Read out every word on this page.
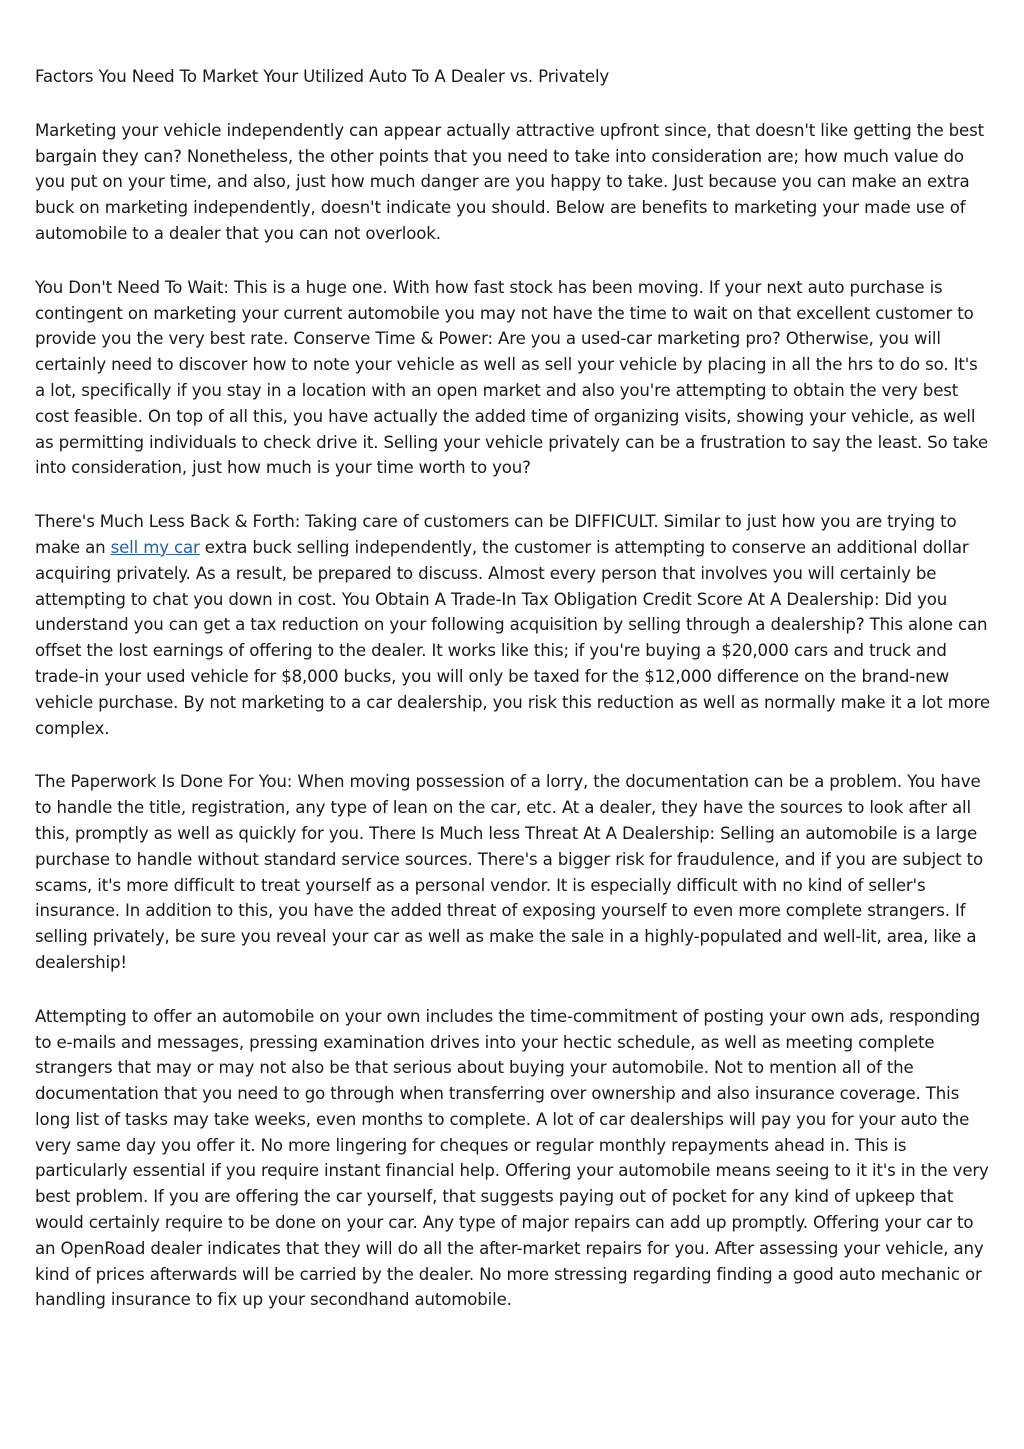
Factors You Need To Market Your Utilized Auto To A Dealer vs. Privately

Marketing your vehicle independently can appear actually attractive upfront since, that doesn't like getting the best bargain they can? Nonetheless, the other points that you need to take into consideration are; how much value do you put on your time, and also, just how much danger are you happy to take. Just because you can make an extra buck on marketing independently, doesn't indicate you should. Below are benefits to marketing your made use of automobile to a dealer that you can not overlook.

You Don't Need To Wait: This is a huge one. With how fast stock has been moving. If your next auto purchase is contingent on marketing your current automobile you may not have the time to wait on that excellent customer to provide you the very best rate. Conserve Time & Power: Are you a used-car marketing pro? Otherwise, you will certainly need to discover how to note your vehicle as well as sell your vehicle by placing in all the hrs to do so. It's a lot, specifically if you stay in a location with an open market and also you're attempting to obtain the very best cost feasible. On top of all this, you have actually the added time of organizing visits, showing your vehicle, as well as permitting individuals to check drive it. Selling your vehicle privately can be a frustration to say the least. So take into consideration, just how much is your time worth to you?

There's Much Less Back & Forth: Taking care of customers can be DIFFICULT. Similar to just how you are trying to make an sell my car extra buck selling independently, the customer is attempting to conserve an additional dollar acquiring privately. As a result, be prepared to discuss. Almost every person that involves you will certainly be attempting to chat you down in cost. You Obtain A Trade-In Tax Obligation Credit Score At A Dealership: Did you understand you can get a tax reduction on your following acquisition by selling through a dealership? This alone can offset the lost earnings of offering to the dealer. It works like this; if you're buying a $20,000 cars and truck and trade-in your used vehicle for $8,000 bucks, you will only be taxed for the $12,000 difference on the brand-new vehicle purchase. By not marketing to a car dealership, you risk this reduction as well as normally make it a lot more complex.

The Paperwork Is Done For You: When moving possession of a lorry, the documentation can be a problem. You have to handle the title, registration, any type of lean on the car, etc. At a dealer, they have the sources to look after all this, promptly as well as quickly for you. There Is Much less Threat At A Dealership: Selling an automobile is a large purchase to handle without standard service sources. There's a bigger risk for fraudulence, and if you are subject to scams, it's more difficult to treat yourself as a personal vendor. It is especially difficult with no kind of seller's insurance. In addition to this, you have the added threat of exposing yourself to even more complete strangers. If selling privately, be sure you reveal your car as well as make the sale in a highly-populated and well-lit, area, like a dealership!

Attempting to offer an automobile on your own includes the time-commitment of posting your own ads, responding to e-mails and messages, pressing examination drives into your hectic schedule, as well as meeting complete strangers that may or may not also be that serious about buying your automobile. Not to mention all of the documentation that you need to go through when transferring over ownership and also insurance coverage. This long list of tasks may take weeks, even months to complete. A lot of car dealerships will pay you for your auto the very same day you offer it. No more lingering for cheques or regular monthly repayments ahead in. This is particularly essential if you require instant financial help. Offering your automobile means seeing to it it's in the very best problem. If you are offering the car yourself, that suggests paying out of pocket for any kind of upkeep that would certainly require to be done on your car. Any type of major repairs can add up promptly. Offering your car to an OpenRoad dealer indicates that they will do all the after-market repairs for you. After assessing your vehicle, any kind of prices afterwards will be carried by the dealer. No more stressing regarding finding a good auto mechanic or handling insurance to fix up your secondhand automobile.
